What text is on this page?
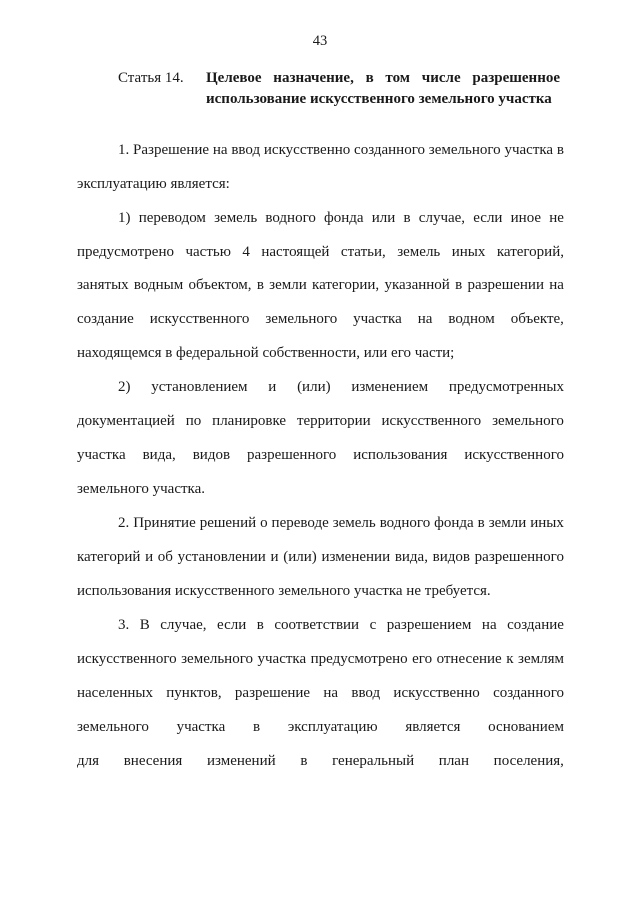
43
Статья 14. Целевое назначение, в том числе разрешенное использование искусственного земельного участка
1. Разрешение на ввод искусственно созданного земельного участка в
эксплуатацию является:
1) переводом земель водного фонда или в случае, если иное не
предусмотрено частью 4 настоящей статьи, земель иных категорий,
занятых водным объектом, в земли категории, указанной в разрешении на
создание искусственного земельного участка на водном объекте,
находящемся в федеральной собственности, или его части;
2) установлением и (или) изменением предусмотренных
документацией по планировке территории искусственного земельного
участка вида, видов разрешенного использования искусственного
земельного участка.
2. Принятие решений о переводе земель водного фонда в земли иных
категорий и об установлении и (или) изменении вида, видов разрешенного
использования искусственного земельного участка не требуется.
3. В случае, если в соответствии с разрешением на создание
искусственного земельного участка предусмотрено его отнесение к землям
населенных пунктов, разрешение на ввод искусственно созданного
земельного участка в эксплуатацию является основанием
для внесения изменений в генеральный план поселения,
